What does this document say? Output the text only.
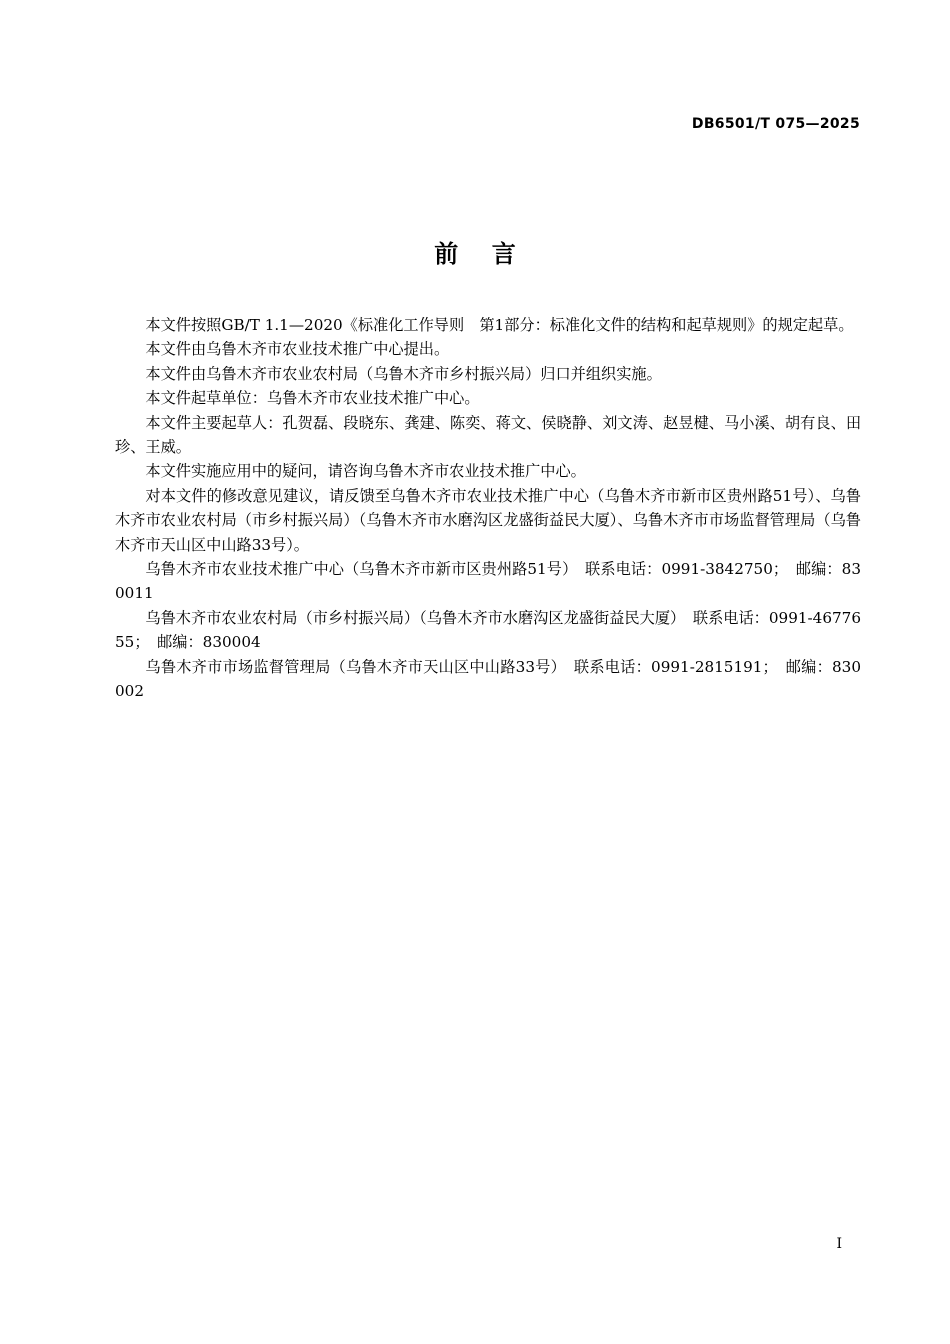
DB6501/T 075—2025
前言

本文件按照GB/T 1.1—2020《标准化工作导则　第1部分：标准化文件的结构和起草规则》的规定起草。

本文件由乌鲁木齐市农业技术推广中心提出。

本文件由乌鲁木齐市农业农村局（乌鲁木齐市乡村振兴局）归口并组织实施。

本文件起草单位：乌鲁木齐市农业技术推广中心。

本文件主要起草人：孔贺磊、段晓东、龚建、陈奕、蒋文、侯晓静、刘文涛、赵昱楗、马小溪、胡有良、田珍、王威。

本文件实施应用中的疑问，请咨询乌鲁木齐市农业技术推广中心。

对本文件的修改意见建议，请反馈至乌鲁木齐市农业技术推广中心（乌鲁木齐市新市区贵州路51号）、乌鲁木齐市农业农村局（市乡村振兴局）（乌鲁木齐市水磨沟区龙盛街益民大厦）、乌鲁木齐市市场监督管理局（乌鲁木齐市天山区中山路33号）。

乌鲁木齐市农业技术推广中心（乌鲁木齐市新市区贵州路51号）　联系电话：0991-3842750；　邮编：830011

乌鲁木齐市农业农村局（市乡村振兴局）（乌鲁木齐市水磨沟区龙盛街益民大厦）　联系电话：0991-4677655；　邮编：830004

乌鲁木齐市市场监督管理局（乌鲁木齐市天山区中山路33号）　联系电话：0991-2815191；　邮编：830002

I
